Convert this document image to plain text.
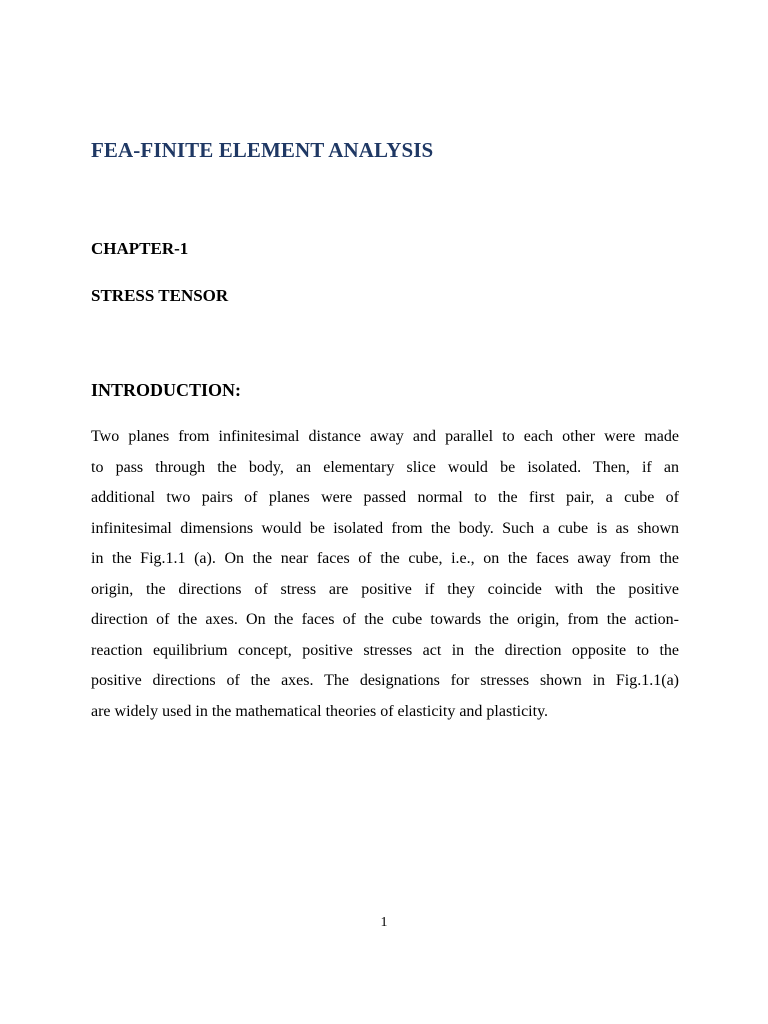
FEA-FINITE ELEMENT ANALYSIS
CHAPTER-1
STRESS TENSOR
INTRODUCTION:

Two planes from infinitesimal distance away and parallel to each other were made
to pass through the body, an elementary slice would be isolated. Then, if an
additional two pairs of planes were passed normal to the first pair, a cube of
infinitesimal dimensions would be isolated from the body. Such a cube is as shown
in the Fig.1.1 (a). On the near faces of the cube, i.e., on the faces away from the
origin, the directions of stress are positive if they coincide with the positive
direction of the axes. On the faces of the cube towards the origin, from the action-
reaction equilibrium concept, positive stresses act in the direction opposite to the
positive directions of the axes. The designations for stresses shown in Fig.1.1(a)
are widely used in the mathematical theories of elasticity and plasticity.

1
